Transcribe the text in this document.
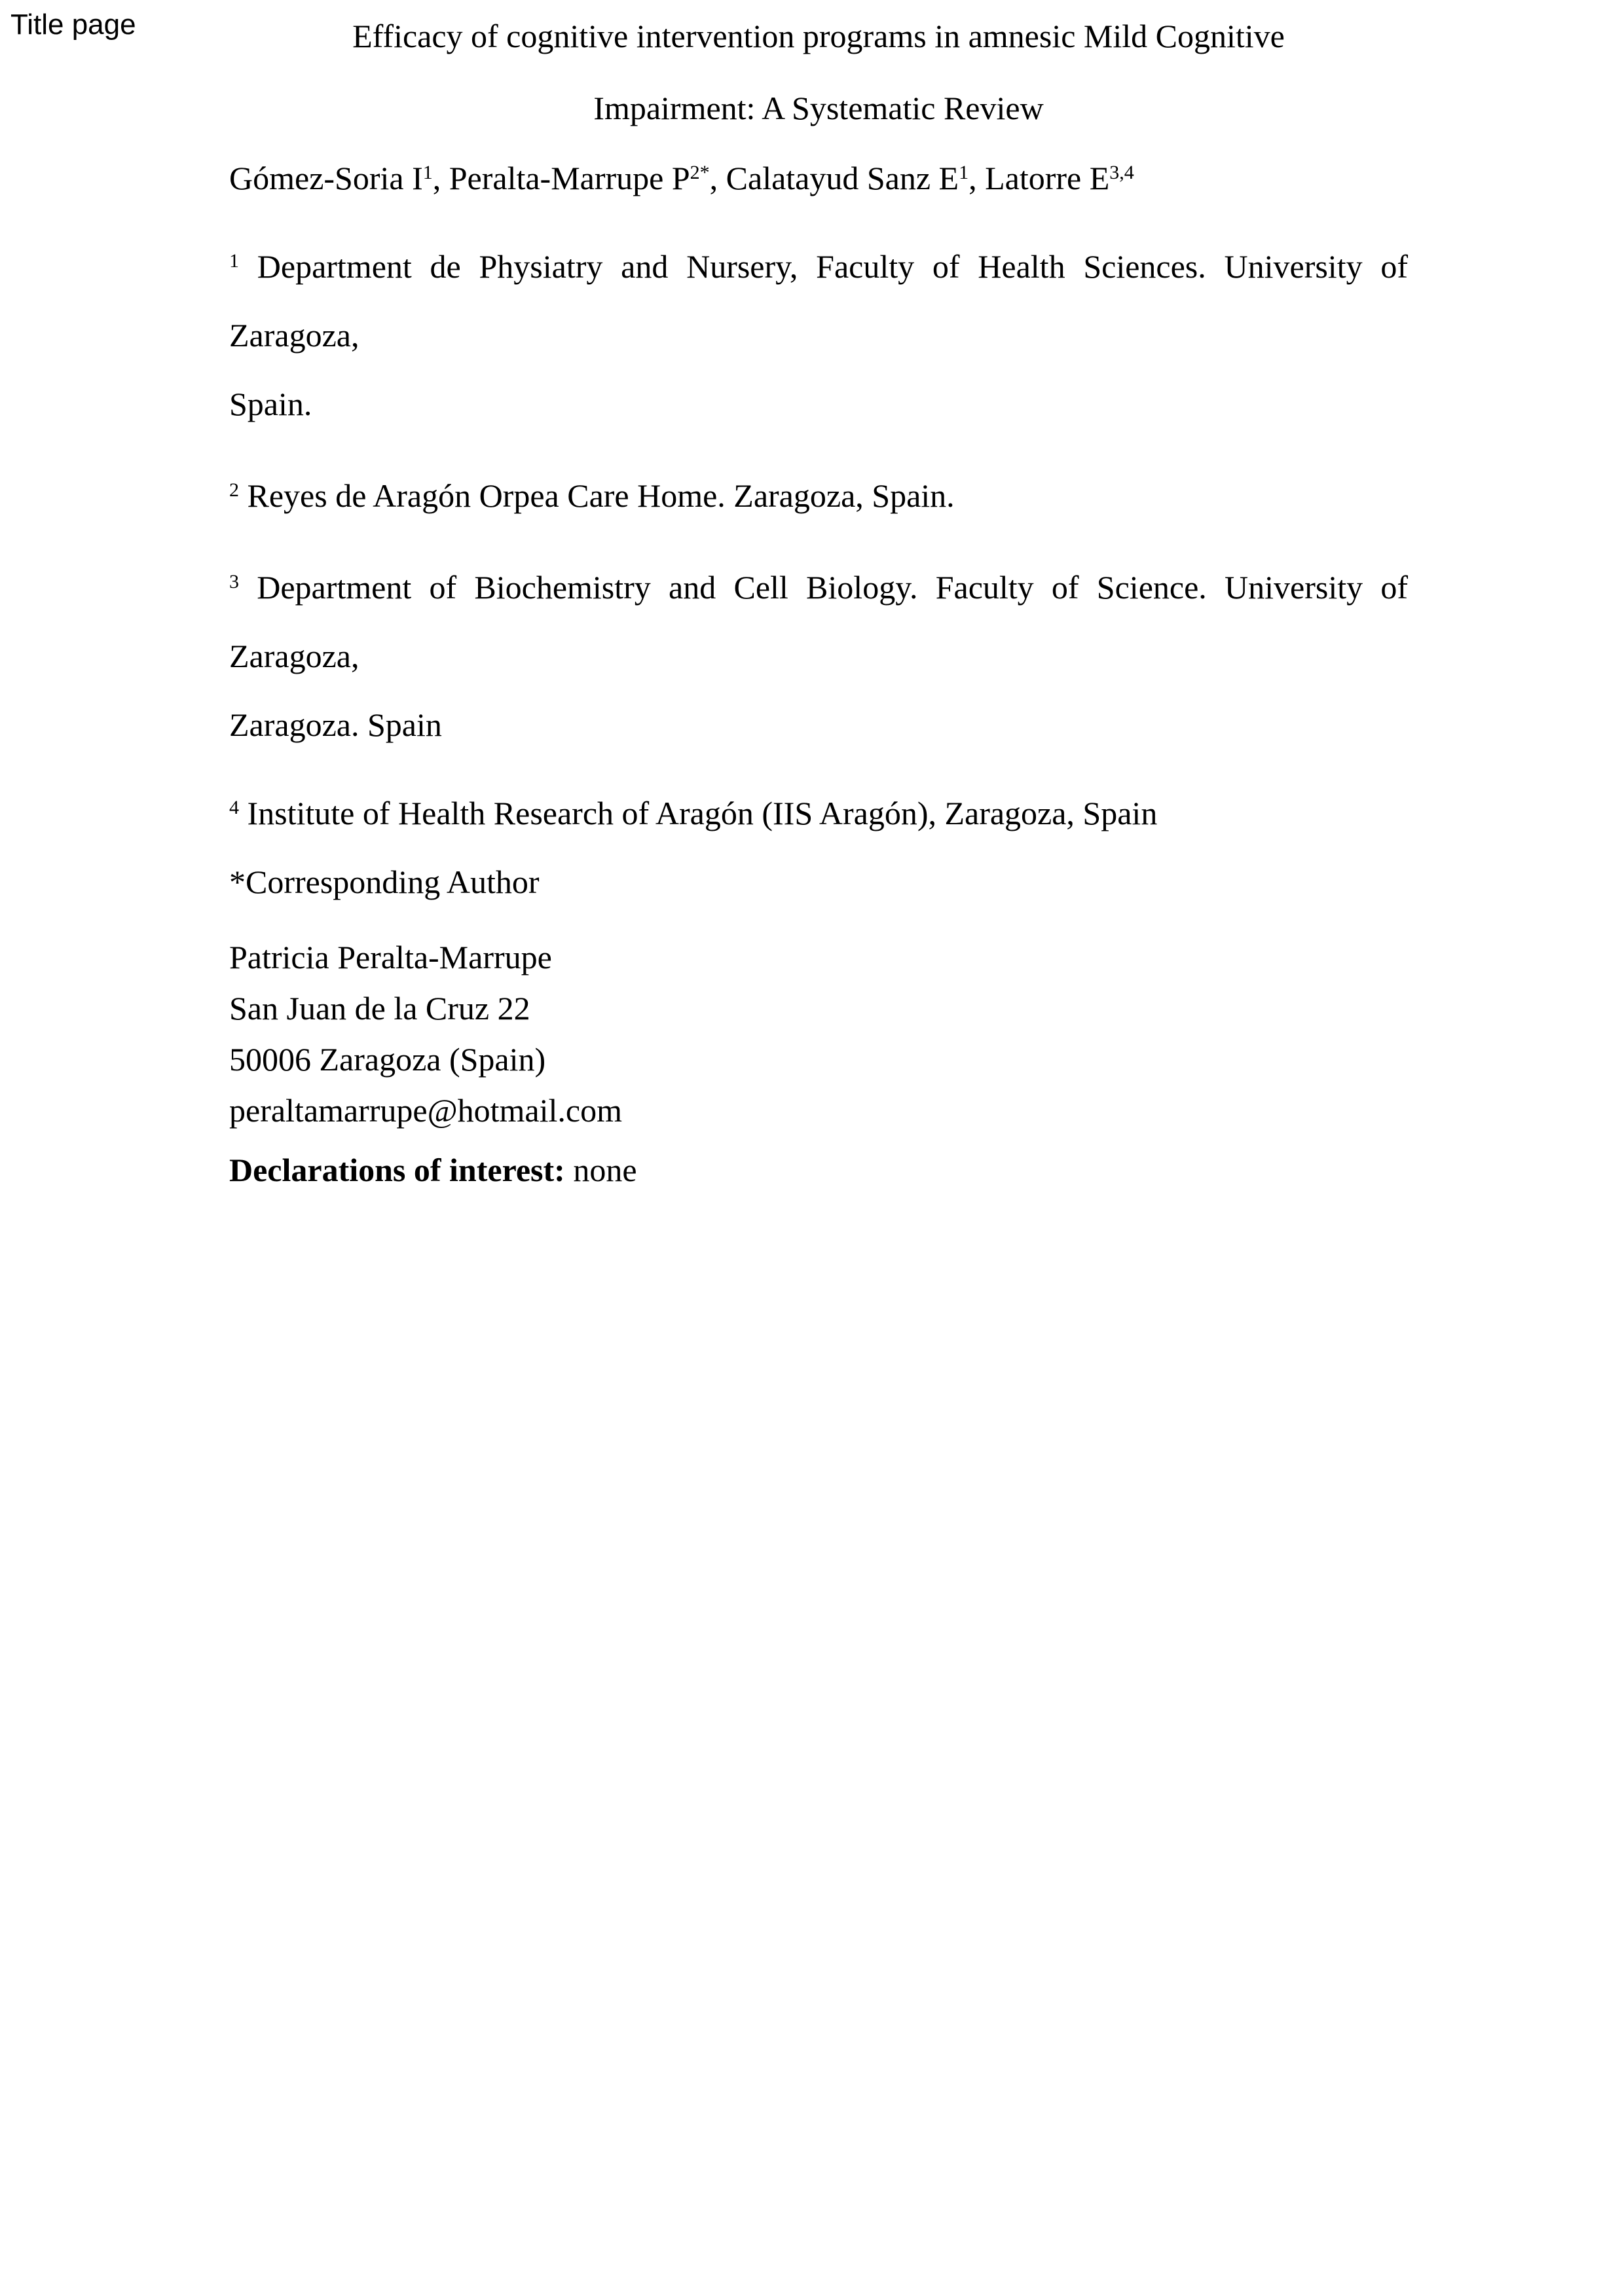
Title page	Efficacy of cognitive intervention programs in amnesic Mild Cognitive
Impairment: A Systematic Review

Gómez-Soria $I^1$, Peralta-Marrupe $P^{2*}$, Calatayud Sanz $E^1$, Latorre E$^{3,4}$

$^1$ Department de Physiatry and Nursery, Faculty of Health Sciences. University of Zaragoza,
Spain.

$^2$ Reyes de Aragón Orpea Care Home. Zaragoza, Spain.

$^3$ Department of Biochemistry and Cell Biology. Faculty of Science. University of Zaragoza,
Zaragoza. Spain

$^4$ Institute of Health Research of Aragón (IIS Aragón), Zaragoza, Spain

*Corresponding Author

Patricia Peralta-Marrupe

San Juan de la Cruz 22

50006 Zaragoza (Spain)

peraltamarrupe@hotmail.com

Declarations of interest: none
